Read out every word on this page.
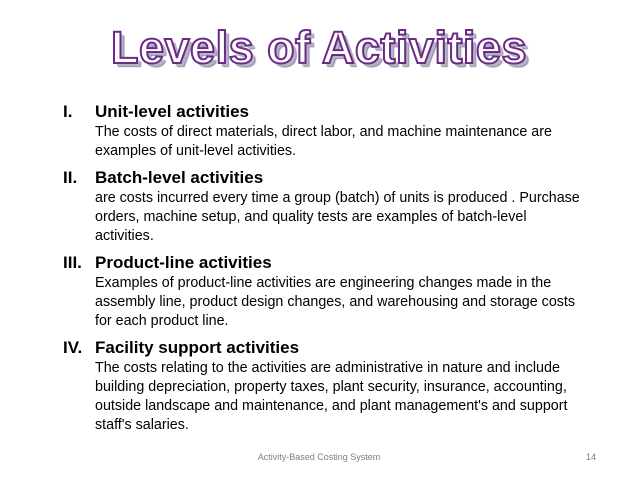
Levels of Activities
I.	Unit-level activities
The costs of direct materials, direct labor, and machine maintenance are examples of unit-level activities.
II.	Batch-level activities
are costs incurred every time a group (batch) of units is produced . Purchase orders, machine setup, and quality tests are examples of batch-level activities.
III. Product-line activities
Examples of product-line activities are engineering changes made in the assembly line, product design changes, and warehousing and storage costs for each product line.
IV. Facility support activities
The costs relating to the activities are administrative in nature and include building depreciation, property taxes, plant security, insurance, accounting, outside landscape and maintenance, and plant management's and support staff's salaries.
Activity-Based Costing System	14
